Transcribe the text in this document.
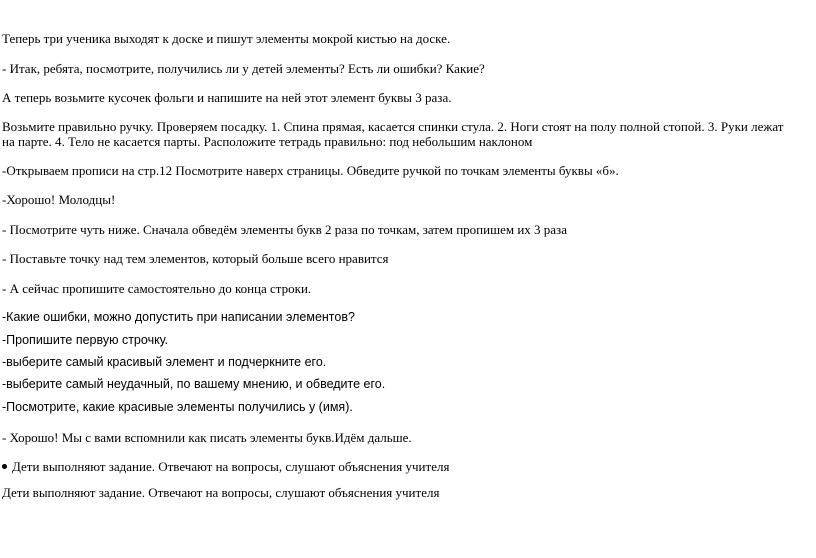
Теперь три ученика выходят к доске и пишут элементы мокрой кистью на доске.

- Итак, ребята, посмотрите, получились ли у детей элементы? Есть ли ошибки? Какие?

А теперь возьмите кусочек фольги и напишите на ней этот элемент буквы 3 раза.

Возьмите правильно ручку. Проверяем посадку. 1. Спина прямая, касается спинки стула. 2. Ноги стоят на полу полной стопой. 3. Руки лежат на парте. 4. Тело не касается парты. Расположите тетрадь правильно: под небольшим наклоном

-Открываем прописи на стр.12 Посмотрите наверх страницы. Обведите ручкой по точкам элементы буквы «б».

-Хорошо! Молодцы!

- Посмотрите чуть ниже. Сначала обведём элементы букв 2 раза по точкам, затем пропишем их 3 раза

- Поставьте точку над тем элементов, который больше всего нравится

- А сейчас пропишите самостоятельно до конца строки.

-Какие ошибки, можно допустить при написании элементов?

-Пропишите первую строчку.

-выберите самый красивый элемент и подчеркните его.

-выберите самый неудачный, по вашему мнению, и обведите его.

-Посмотрите, какие красивые элементы получились у (имя).

- Хорошо! Мы с вами вспомнили как писать элементы букв.Идём дальше.

Дети выполняют задание. Отвечают на вопросы, слушают объяснения учителя

Дети выполняют задание. Отвечают на вопросы, слушают объяснения учителя
